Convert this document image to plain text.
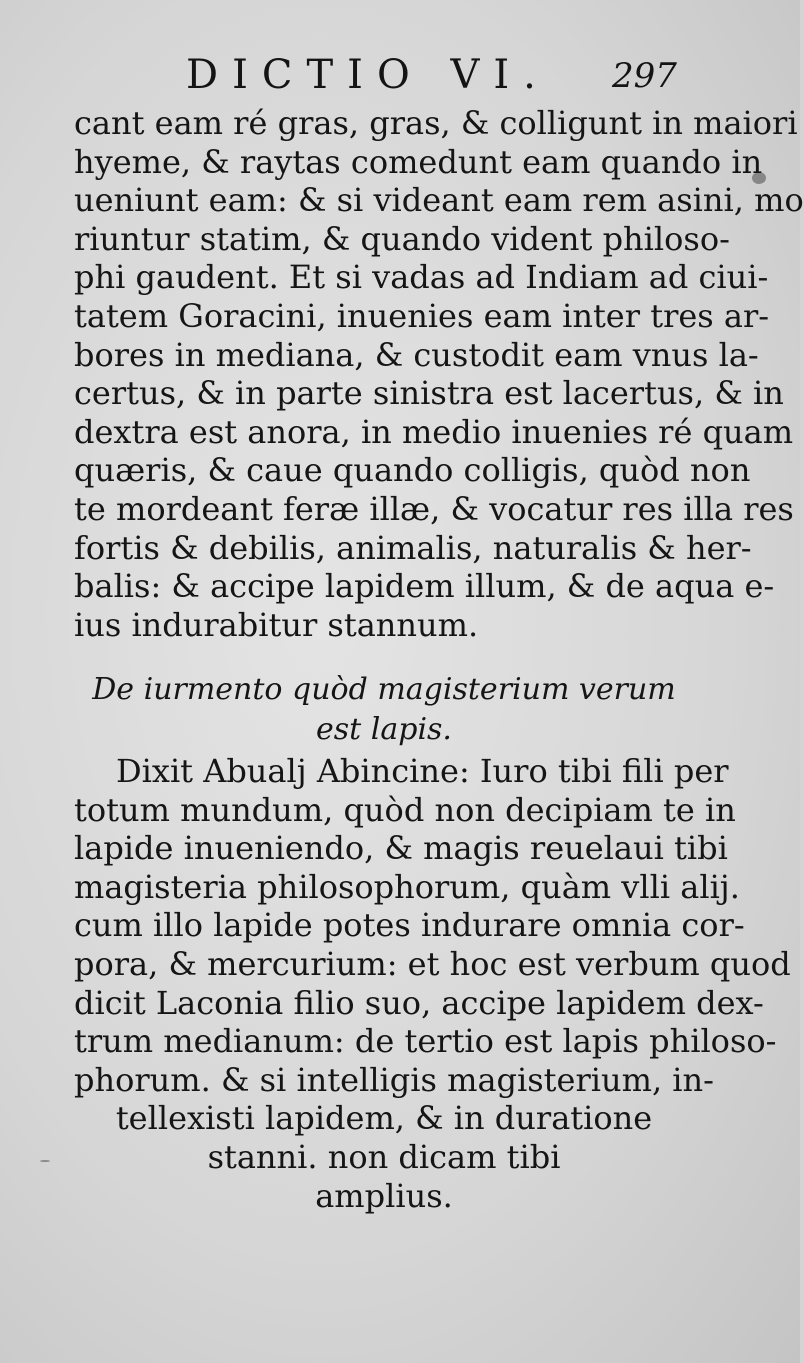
DICTIO VI. 297
cant eam ré gras, gras, & colligunt in maiori
hyeme, & raytas comedunt eam quando in
ueniunt eam: & si videant eam rem asini, mo
riuntur statim, & quando vident philoso-
phi gaudent. Et si vadas ad Indiam ad ciui-
tatem Goracini, inuenies eam inter tres ar-
bores in mediana, & custodit eam vnus la-
certus, & in parte sinistra est lacertus, & in
dextra est anora, in medio inuenies ré quam
quæris, & caue quando colligis, quòd non
te mordeant feræ illæ, & vocatur res illa res
fortis & debilis, animalis, naturalis & her-
balis: & accipe lapidem illum, & de aqua e-
ius indurabitur stannum.
De iurmento quòd magisterium verum
est lapis.
Dixit Abualj Abincine: Iuro tibi fili per
totum mundum, quòd non decipiam te in
lapide inueniendo, & magis reuelaui tibi
magisteria philosophorum, quàm vlli alij.
cum illo lapide potes indurare omnia cor-
pora, & mercurium: et hoc est verbum quod
dicit Laconia filio suo, accipe lapidem dex-
trum medianum: de tertio est lapis philoso-
phorum. & si intelligis magisterium, in-
tellexisti lapidem, & in duratione
stanni. non dicam tibi
amplius.
